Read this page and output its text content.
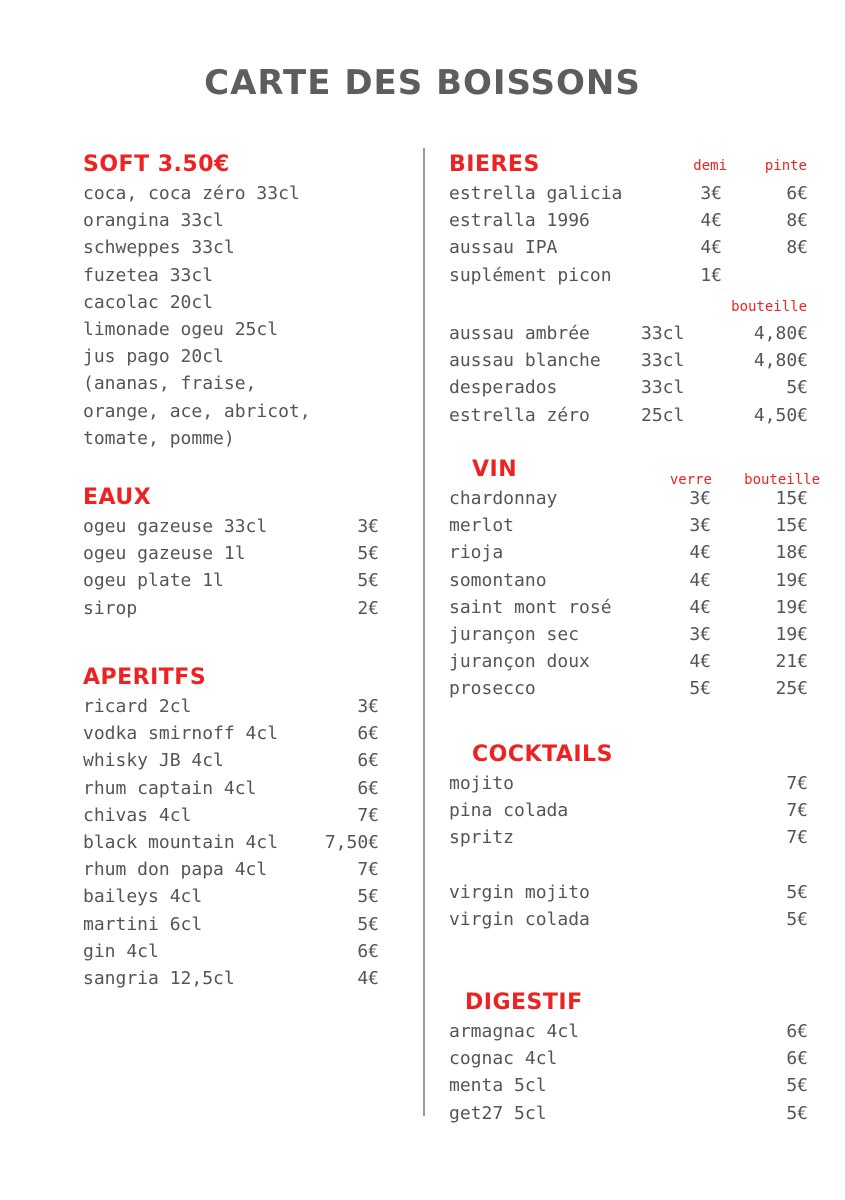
CARTE DES BOISSONS
SOFT 3.50€
coca, coca zéro 33cl
orangina 33cl
schweppes 33cl
fuzetea 33cl
cacolac 20cl
limonade ogeu 25cl
jus pago 20cl
(ananas, fraise,
orange, ace, abricot,
tomate, pomme)
EAUX
ogeu gazeuse 33cl	3€
ogeu gazeuse 1l	5€
ogeu plate 1l	5€
sirop	2€
APERITFS
ricard 2cl	3€
vodka smirnoff 4cl	6€
whisky JB 4cl	6€
rhum captain 4cl	6€
chivas 4cl	7€
black mountain 4cl	7,50€
rhum don papa 4cl	7€
baileys 4cl	5€
martini 6cl	5€
gin 4cl	6€
sangria 12,5cl	4€
BIERES	demi	pinte
estrella galicia	3€	6€
estralla 1996	4€	8€
aussau IPA	4€	8€
suplément picon	1€
bouteille
aussau ambrée	33cl	4,80€
aussau blanche 33cl	4,80€
desperados	33cl	5€
estrella zéro	25cl	4,50€
VIN	verre	bouteille
chardonnay	3€	15€
merlot	3€	15€
rioja	4€	18€
somontano	4€	19€
saint mont rosé	4€	19€
jurançon sec	3€	19€
jurançon doux	4€	21€
prosecco	5€	25€
COCKTAILS
mojito	7€
pina colada	7€
spritz	7€
virgin mojito	5€
virgin colada	5€
DIGESTIF
armagnac 4cl	6€
cognac 4cl	6€
menta 5cl	5€
get27 5cl	5€
